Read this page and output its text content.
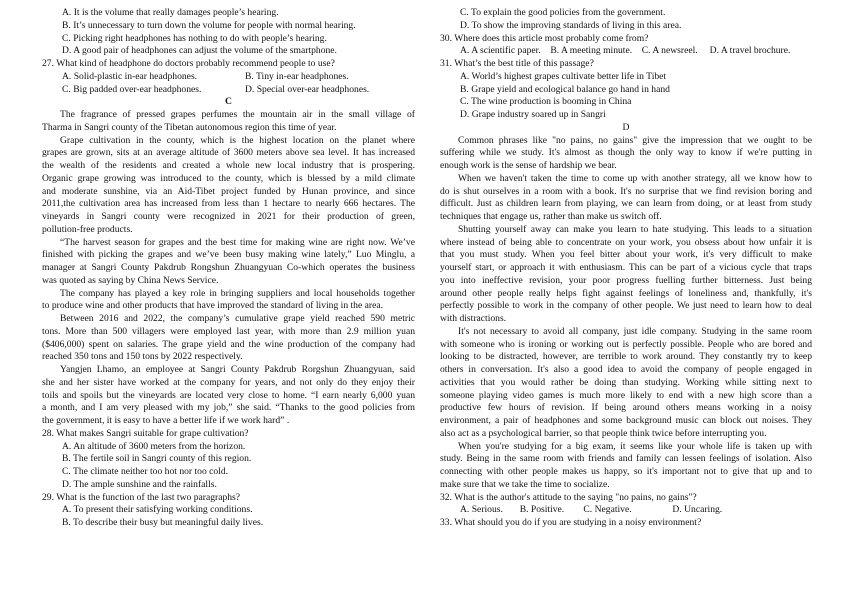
A. It is the volume that really damages people’s hearing.
B. It’s unnecessary to turn down the volume for people with normal hearing.
C. Picking right headphones has nothing to do with people’s hearing.
D. A good pair of headphones can adjust the volume of the smartphone.
27. What kind of headphone do doctors probably recommend people to use?
A. Solid-plastic in-ear headphones.	B. Tiny in-ear headphones.
C. Big padded over-ear headphones.	D. Special over-ear headphones.
C
The fragrance of pressed grapes perfumes the mountain air in the small village of
Tharma in Sangri county of the Tibetan autonomous region this time of year.
Grape cultivation in the county, which is the highest location on the planet where
grapes are grown, sits at an average altitude of 3600 meters above sea level. It has increased
the wealth of the residents and created a whole new local industry that is prospering.
Organic grape growing was introduced to the county, which is blessed by a mild climate
and moderate sunshine, via an Aid-Tibet project funded by Hunan province, and since
2011,the cultivation area has increased from less than 1 hectare to nearly 666 hectares. The
vineyards in Sangri county were recognized in 2021 for their production of green,
pollution-free products.
“The harvest season for grapes and the best time for making wine are right now. We’ve
finished with picking the grapes and we’ve been busy making wine lately,” Luo Minglu, a
manager at Sangri County Pakdrub Rongshun Zhuangyuan Co-which operates the business
was quoted as saying by China News Service.
The company has played a key role in bringing suppliers and local households together
to produce wine and other products that have improved the standard of living in the area.
Between 2016 and 2022, the company’s cumulative grape yield reached 590 metric
tons. More than 500 villagers were employed last year, with more than 2.9 million yuan
($406,000) spent on salaries. The grape yield and the wine production of the company had
reached 350 tons and 150 tons by 2022 respectively.
Yangjen Lhamo, an employee at Sangri County Pakdrub Rorgshun Zhuangyuan, said
she and her sister have worked at the company for years, and not only do they enjoy their
toils and spoils but the vineyards are located very close to home. “I earn nearly 6,000 yuan
a month, and I am very pleased with my job,” she said. “Thanks to the good policies from
the government, it is easy to have a better life if we work hard” .
28. What makes Sangri suitable for grape cultivation?
A. An altitude of 3600 meters from the horizon.
B. The fertile soil in Sangri county of this region.
C. The climate neither too hot nor too cold.
D. The ample sunshine and the rainfalls.
29. What is the function of the last two paragraphs?
A. To present their satisfying working conditions.
B. To describe their busy but meaningful daily lives.
C. To explain the good policies from the government.
D. To show the improving standards of living in this area.
30. Where does this article most probably come from?
A. A scientific paper.    B. A meeting minute.    C. A newsreel.     D. A travel brochure.
31. What’s the best title of this passage?
A. World’s highest grapes cultivate better life in Tibet
B. Grape yield and ecological balance go hand in hand
C. The wine production is booming in China
D. Grape industry soared up in Sangri
D
Common phrases like "no pains, no gains" give the impression that we ought to be
suffering while we study. It's almost as though the only way to know if we're putting in
enough work is the sense of hardship we bear.
When we haven't taken the time to come up with another strategy, all we know how to
do is shut ourselves in a room with a book. It's no surprise that we find revision boring and
difficult. Just as children learn from playing, we can learn from doing, or at least from study
techniques that engage us, rather than make us switch off.
Shutting yourself away can make you learn to hate studying. This leads to a situation
where instead of being able to concentrate on your work, you obsess about how unfair it is
that you must study. When you feel bitter about your work, it's very difficult to make
yourself start, or approach it with enthusiasm. This can be part of a vicious cycle that traps
you into ineffective revision, your poor progress fuelling further bitterness. Just being
around other people really helps fight against feelings of loneliness and, thankfully, it's
perfectly possible to work in the company of other people. We just need to learn how to deal
with distractions.
It's not necessary to avoid all company, just idle company. Studying in the same room
with someone who is ironing or working out is perfectly possible. People who are bored and
looking to be distracted, however, are terrible to work around. They constantly try to keep
others in conversation. It's also a good idea to avoid the company of people engaged in
activities that you would rather be doing than studying. Working while sitting next to
someone playing video games is much more likely to end with a new high score than a
productive few hours of revision. If being around others means working in a noisy
environment, a pair of headphones and some background music can block out noises. They
also act as a psychological barrier, so that people think twice before interrupting you.
When you're studying for a big exam, it seems like your whole life is taken up with
study. Being in the same room with friends and family can lessen feelings of isolation. Also
connecting with other people makes us happy, so it's important not to give that up and to
make sure that we take the time to socialize.
32. What is the author's attitude to the saying "no pains, no gains"?
A. Serious.       B. Positive.        C. Negative.                 D. Uncaring.
33. What should you do if you are studying in a noisy environment?
